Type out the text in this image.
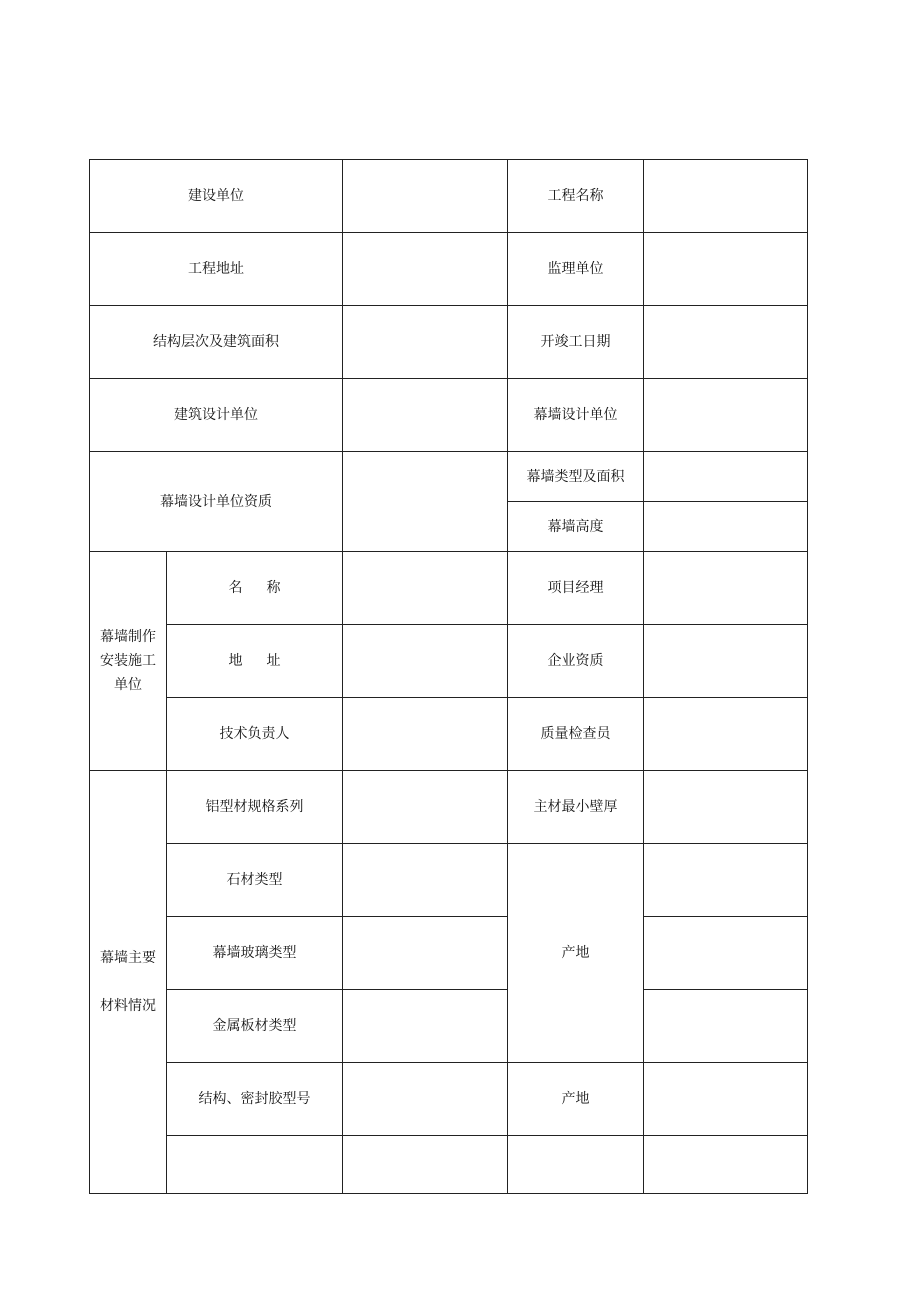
建设单位			工程名称	
工程地址			监理单位	
结构层次及建筑面积			开竣工日期	
建筑设计单位			幕墙设计单位	
幕墙设计单位资质			幕墙类型及面积	
			幕墙高度	

幕墙制作
安装施工
单位	名 称		项目经理	
	地 址		企业资质	
	技术负责人		质量检查员	

幕墙主要
材料情况	铝型材规格系列		主材最小壁厚	
	石材类型		产地	
	幕墙玻璃类型			
	金属板材类型			
	结构、密封胶型号		产地	
